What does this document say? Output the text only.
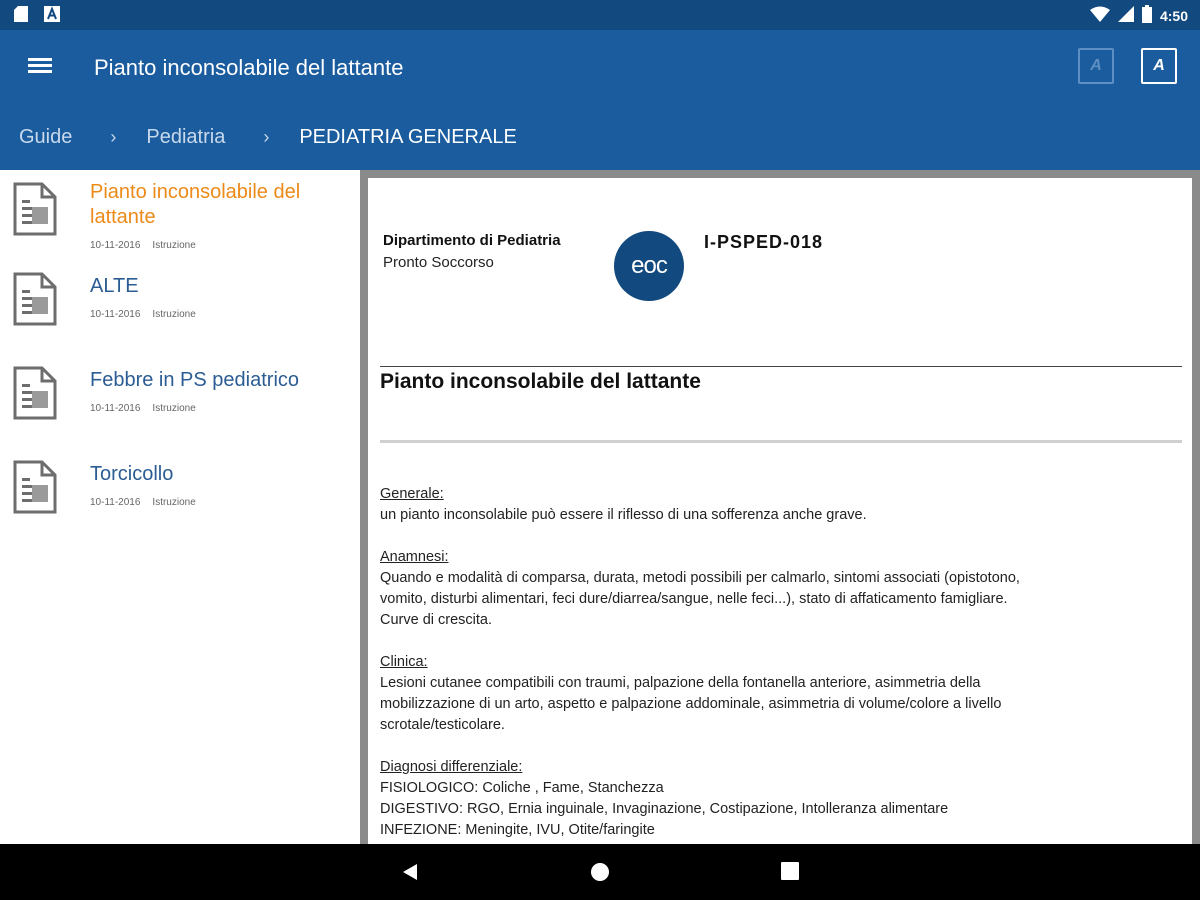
4:50
Pianto inconsolabile del lattante	A	A
Guide › Pediatria › PEDIATRIA GENERALE
Pianto inconsolabile del lattante
10-11-2016 Istruzione
ALTE
10-11-2016 Istruzione
Febbre in PS pediatrico
10-11-2016 Istruzione
Torcicollo
10-11-2016 Istruzione
Dipartimento di Pediatria
Pronto Soccorso	eoc
I-PSPED-018
Pianto inconsolabile del lattante
Generale:
un pianto inconsolabile può essere il riflesso di una sofferenza anche grave.
Anamnesi:
Quando e modalità di comparsa, durata, metodi possibili per calmarlo, sintomi associati (opistotono,
vomito, disturbi alimentari, feci dure/diarrea/sangue, nelle feci...), stato di affaticamento famigliare.
Curve di crescita.
Clinica:
Lesioni cutanee compatibili con traumi, palpazione della fontanella anteriore, asimmetria della
mobilizzazione di un arto, aspetto e palpazione addominale, asimmetria di volume/colore a livello
scrotale/testicolare.
Diagnosi differenziale:
FISIOLOGICO: Coliche , Fame, Stanchezza
DIGESTIVO: RGO, Ernia inguinale, Invaginazione, Costipazione, Intolleranza alimentare
INFEZIONE: Meningite, IVU, Otite/faringite
